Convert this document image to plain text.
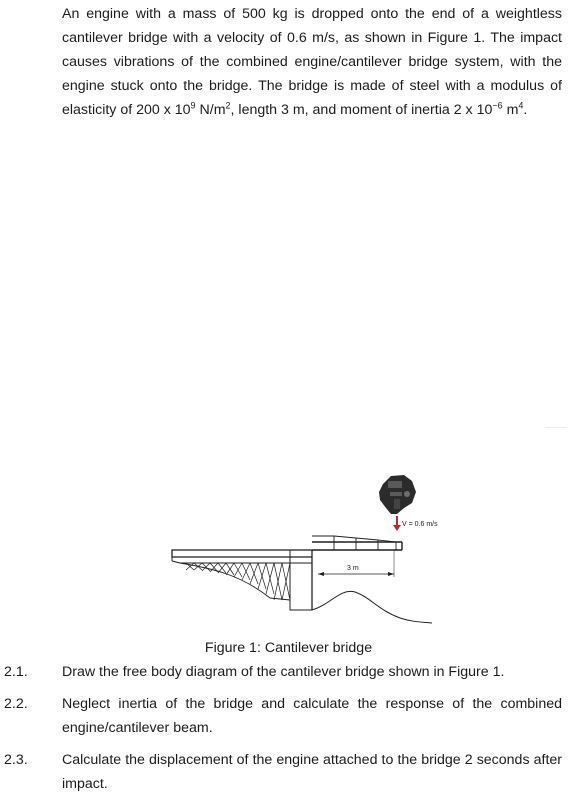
An engine with a mass of 500 kg is dropped onto the end of a weightless cantilever bridge with a velocity of 0.6 m/s, as shown in Figure 1. The impact causes vibrations of the combined engine/cantilever bridge system, with the engine stuck onto the bridge. The bridge is made of steel with a modulus of elasticity of 200 x $10^9$ $N/m^2$, length 3 m, and moment of inertia 2 x $10^{-6}$ $m^4$.

V = 0.6 m/s
3 m

Figure 1: Cantilever bridge

2.1. Draw the free body diagram of the cantilever bridge shown in Figure 1.
2.2. Neglect inertia of the bridge and calculate the response of the combined engine/cantilever beam.
2.3. Calculate the displacement of the engine attached to the bridge 2 seconds after impact.
